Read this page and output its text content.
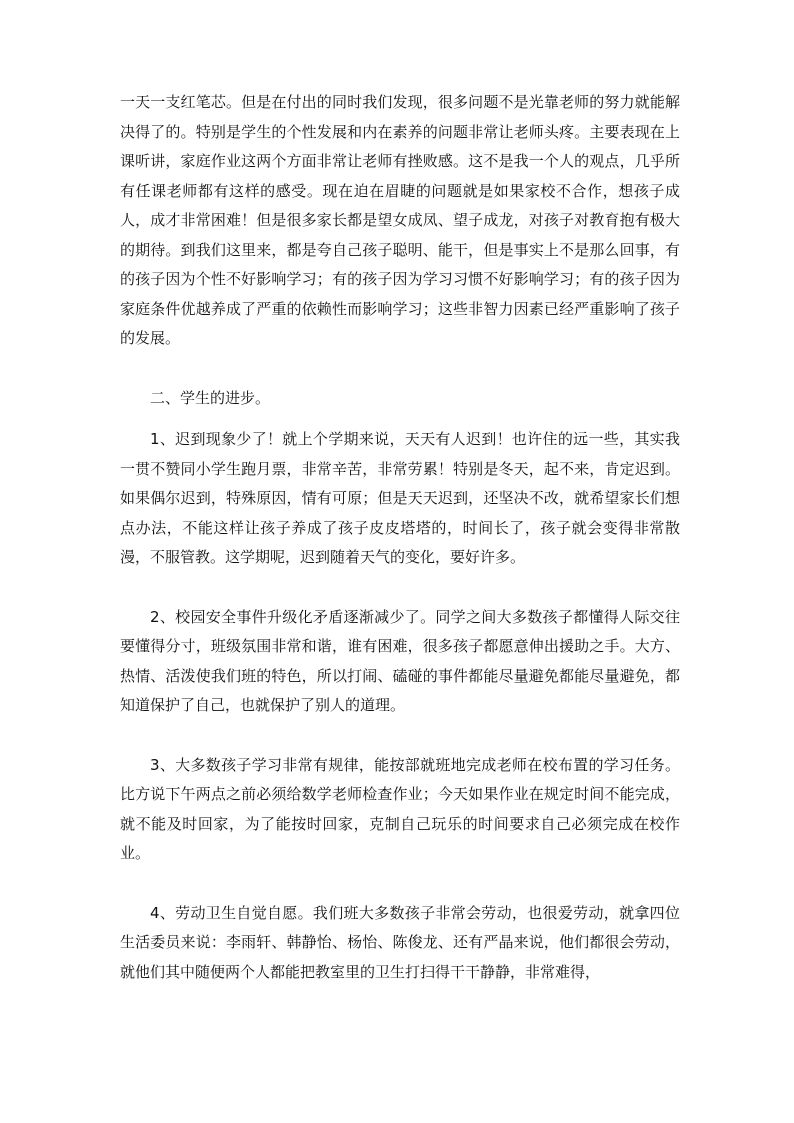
一天一支红笔芯。但是在付出的同时我们发现，很多问题不是光靠老师的努力就能解决得了的。特别是学生的个性发展和内在素养的问题非常让老师头疼。主要表现在上课听讲，家庭作业这两个方面非常让老师有挫败感。这不是我一个人的观点，几乎所有任课老师都有这样的感受。现在迫在眉睫的问题就是如果家校不合作，想孩子成人，成才非常困难！但是很多家长都是望女成凤、望子成龙，对孩子对教育抱有极大的期待。到我们这里来，都是夸自己孩子聪明、能干，但是事实上不是那么回事，有的孩子因为个性不好影响学习；有的孩子因为学习习惯不好影响学习；有的孩子因为家庭条件优越养成了严重的依赖性而影响学习；这些非智力因素已经严重影响了孩子的发展。

二、学生的进步。

1、迟到现象少了！就上个学期来说，天天有人迟到！也许住的远一些，其实我一贯不赞同小学生跑月票，非常辛苦，非常劳累！特别是冬天，起不来，肯定迟到。如果偶尔迟到，特殊原因，情有可原；但是天天迟到，还坚决不改，就希望家长们想点办法，不能这样让孩子养成了孩子皮皮塔塔的，时间长了，孩子就会变得非常散漫，不服管教。这学期呢，迟到随着天气的变化，要好许多。

2、校园安全事件升级化矛盾逐渐减少了。同学之间大多数孩子都懂得人际交往要懂得分寸，班级氛围非常和谐，谁有困难，很多孩子都愿意伸出援助之手。大方、热情、活泼使我们班的特色，所以打闹、磕碰的事件都能尽量避免都能尽量避免，都知道保护了自己，也就保护了别人的道理。

3、大多数孩子学习非常有规律，能按部就班地完成老师在校布置的学习任务。比方说下午两点之前必须给数学老师检查作业；今天如果作业在规定时间不能完成，就不能及时回家，为了能按时回家，克制自己玩乐的时间要求自己必须完成在校作业。

4、劳动卫生自觉自愿。我们班大多数孩子非常会劳动，也很爱劳动，就拿四位生活委员来说：李雨轩、韩静怡、杨怡、陈俊龙、还有严晶来说，他们都很会劳动，就他们其中随便两个人都能把教室里的卫生打扫得干干静静，非常难得，
